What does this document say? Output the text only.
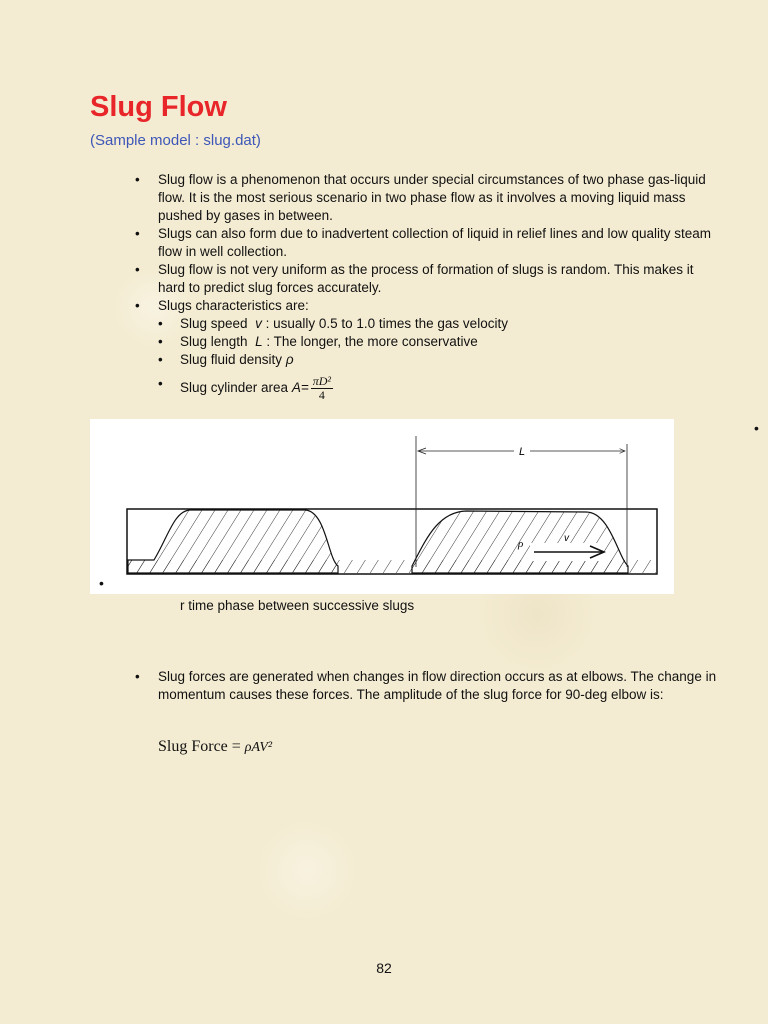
Slug Flow
(Sample model : slug.dat)
• Slug flow is a phenomenon that occurs under special circumstances of two phase gas-liquid flow. It is the most serious scenario in two phase flow as it involves a moving liquid mass pushed by gases in between.
• Slugs can also form due to inadvertent collection of liquid in relief lines and low quality steam flow in well collection.
• Slug flow is not very uniform as the process of formation of slugs is random. This makes it hard to predict slug forces accurately.
• Slugs characteristics are:
• Slug speed v : usually 0.5 to 1.0 times the gas velocity
• Slug length L : The longer, the more conservative
• Slug fluid density ρ
• Slug cylinder area $A= \frac{\text{πD²}}{4}$
•
L
ρ	v
•
r time phase between successive slugs
• Slug forces are generated when changes in flow direction occurs as at elbows. The change in momentum causes these forces. The amplitude of the slug force for 90-deg elbow is:
Slug Force = ρAV²
82
